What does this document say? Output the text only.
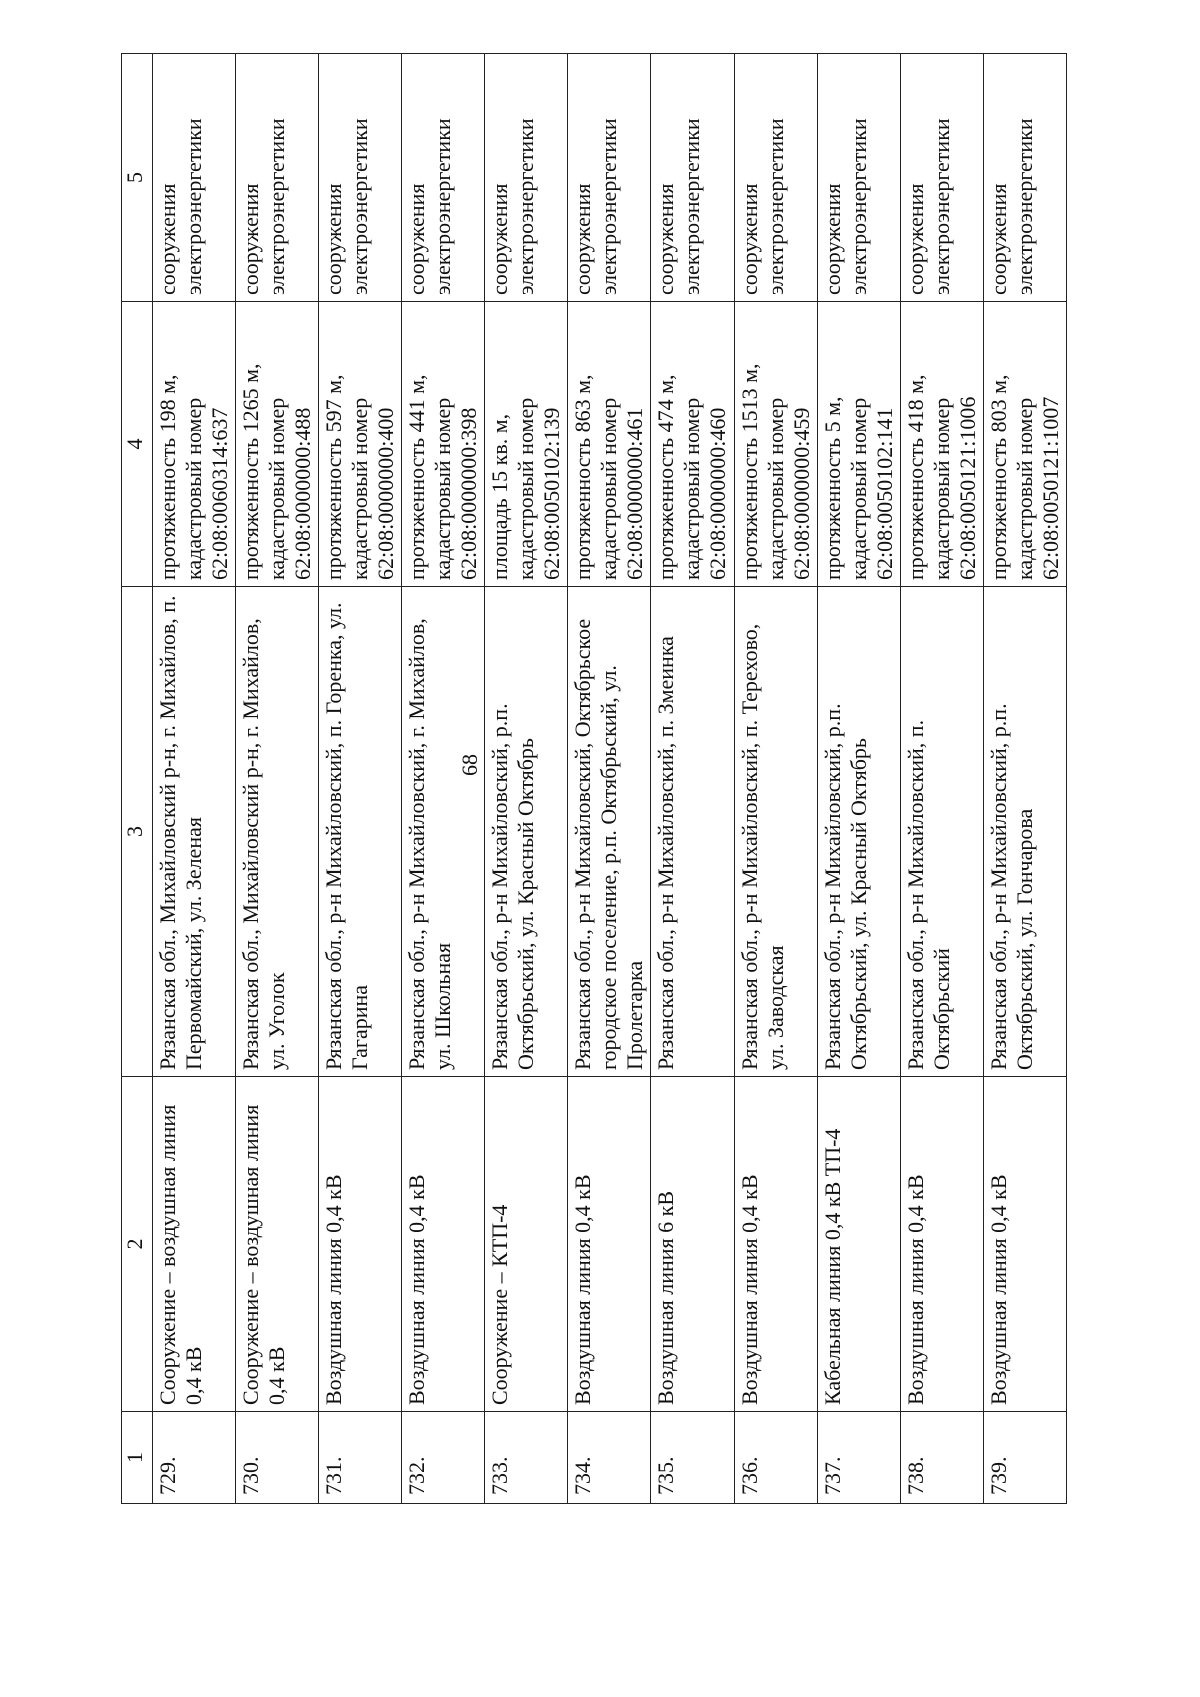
68
1	2	3	4	5
729.	Сооружение – воздушная линия 0,4 кВ	Рязанская обл., Михайловский р-н, г. Михайлов, п. Первомайский, ул. Зеленая	протяженность 198 м, кадастровый номер 62:08:0060314:637	сооружения электроэнергетики
730.	Сооружение – воздушная линия 0,4 кВ	Рязанская обл., Михайловский р-н, г. Михайлов, ул. Уголок	протяженность 1265 м, кадастровый номер 62:08:0000000:488	сооружения электроэнергетики
731.	Воздушная линия 0,4 кВ	Рязанская обл., р-н Михайловский, п. Горенка, ул. Гагарина	протяженность 597 м, кадастровый номер 62:08:0000000:400	сооружения электроэнергетики
732.	Воздушная линия 0,4 кВ	Рязанская обл., р-н Михайловский, г. Михайлов, ул. Школьная	протяженность 441 м, кадастровый номер 62:08:0000000:398	сооружения электроэнергетики
733.	Сооружение – КТП-4	Рязанская обл., р-н Михайловский, р.п. Октябрьский, ул. Красный Октябрь	площадь 15 кв. м, кадастровый номер 62:08:0050102:139	сооружения электроэнергетики
734.	Воздушная линия 0,4 кВ	Рязанская обл., р-н Михайловский, Октябрьское городское поселение, р.п. Октябрьский, ул. Пролетарка	протяженность 863 м, кадастровый номер 62:08:0000000:461	сооружения электроэнергетики
735.	Воздушная линия 6 кВ	Рязанская обл., р-н Михайловский, п. Змеинка	протяженность 474 м, кадастровый номер 62:08:0000000:460	сооружения электроэнергетики
736.	Воздушная линия 0,4 кВ	Рязанская обл., р-н Михайловский, п. Терехово, ул. Заводская	протяженность 1513 м, кадастровый номер 62:08:0000000:459	сооружения электроэнергетики
737.	Кабельная линия 0,4 кВ ТП-4	Рязанская обл., р-н Михайловский, р.п. Октябрьский, ул. Красный Октябрь	протяженность 5 м, кадастровый номер 62:08:0050102:141	сооружения электроэнергетики
738.	Воздушная линия 0,4 кВ	Рязанская обл., р-н Михайловский, п. Октябрьский	протяженность 418 м, кадастровый номер 62:08:0050121:1006	сооружения электроэнергетики
739.	Воздушная линия 0,4 кВ	Рязанская обл., р-н Михайловский, р.п. Октябрьский, ул. Гончарова	протяженность 803 м, кадастровый номер 62:08:0050121:1007	сооружения электроэнергетики
